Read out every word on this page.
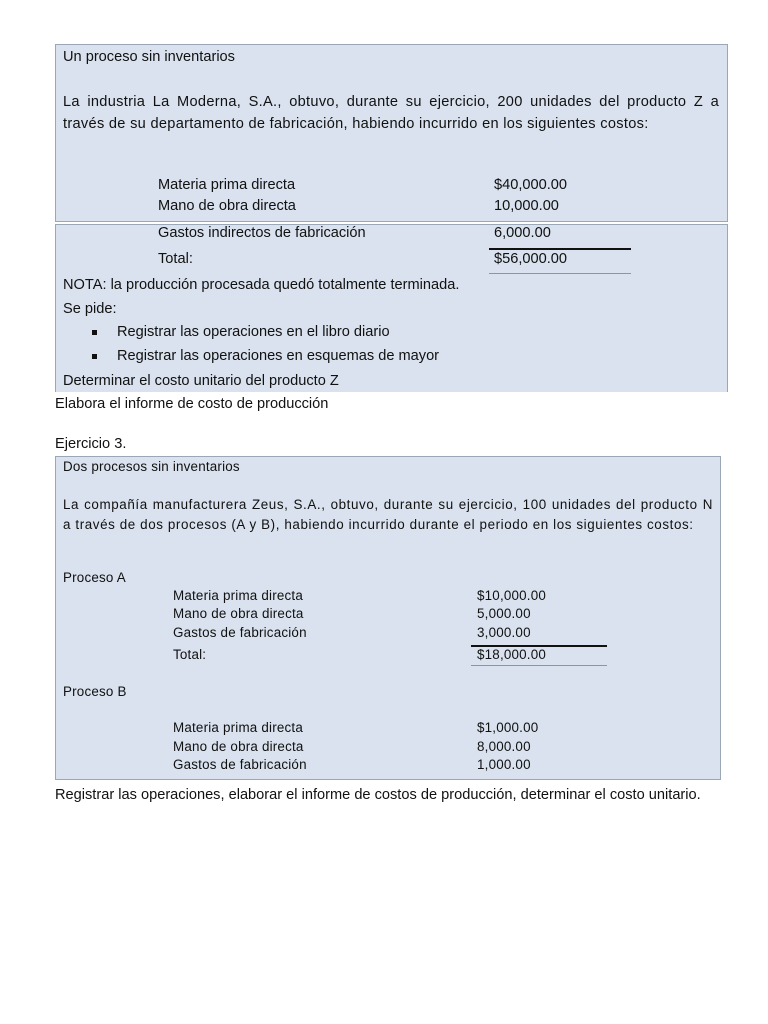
Un proceso sin inventarios
La industria La Moderna, S.A., obtuvo, durante su ejercicio, 200 unidades del producto Z a través de su departamento de fabricación, habiendo incurrido en los siguientes costos:
Materia prima directa	$40,000.00
Mano de obra directa	10,000.00
Gastos indirectos de fabricación	6,000.00
Total:	$56,000.00
NOTA: la producción procesada quedó totalmente terminada.
Se pide:
Registrar las operaciones en el libro diario
Registrar las operaciones en esquemas de mayor
Determinar el costo unitario del producto Z
Elabora el informe de costo de producción
Ejercicio 3.
Dos procesos sin inventarios
La compañía manufacturera Zeus, S.A., obtuvo, durante su ejercicio, 100 unidades del producto N a través de dos procesos (A y B), habiendo incurrido durante el periodo en los siguientes costos:
Proceso A
Materia prima directa	$10,000.00
Mano de obra directa	5,000.00
Gastos de fabricación	3,000.00
Total:	$18,000.00
Proceso B
Materia prima directa	$1,000.00
Mano de obra directa	8,000.00
Gastos de fabricación	1,000.00
Registrar las operaciones, elaborar el informe de costos de producción, determinar el costo unitario.
